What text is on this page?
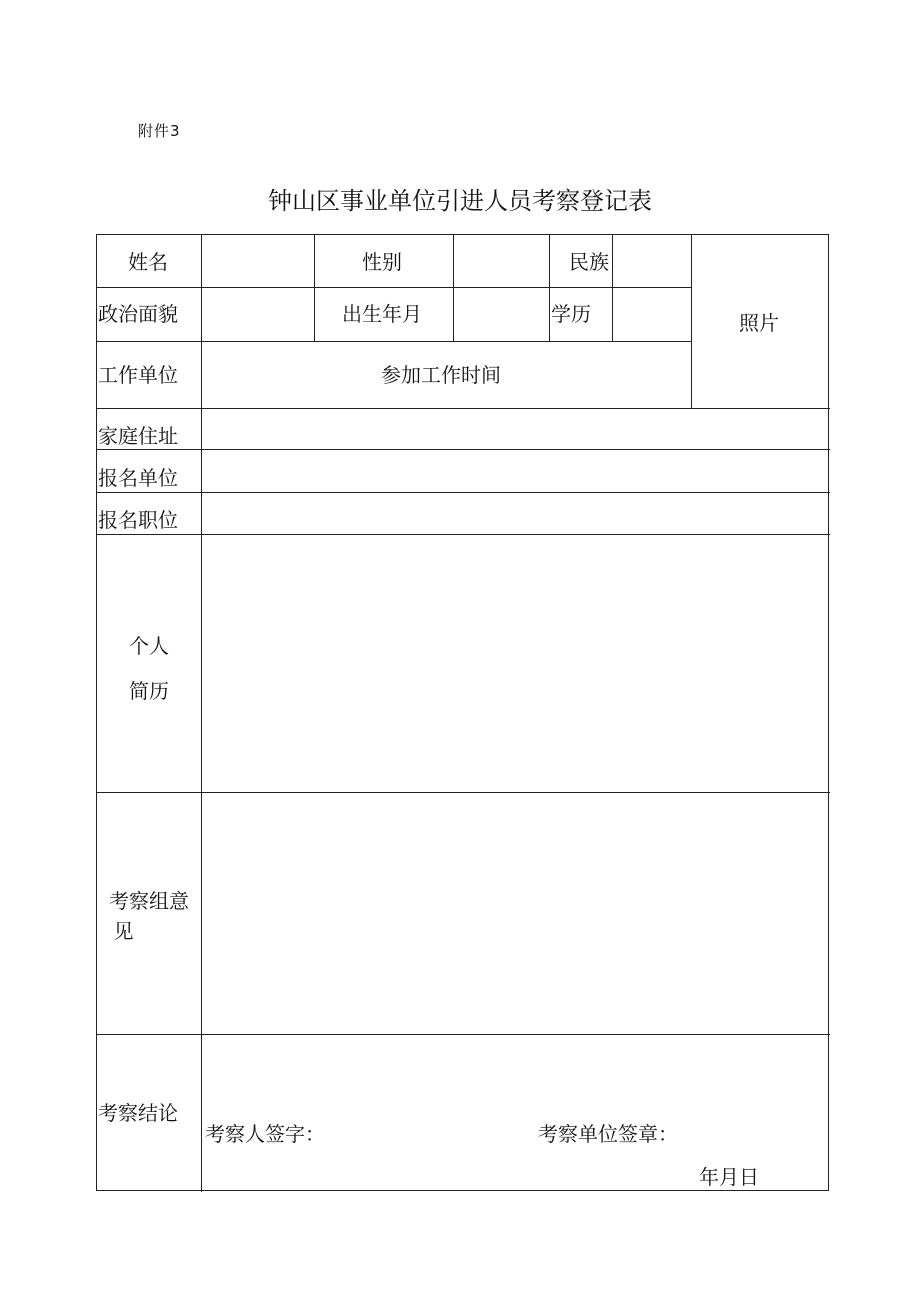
附件3
钟山区事业单位引进人员考察登记表
姓名	性别	民族
照片
政治面貌	出生年月	学历
工作单位	参加工作时间
家庭住址
报名单位
报名职位
个人
简历
考察组意
见
考察结论
考察人签字：	考察单位签章：
年月日
